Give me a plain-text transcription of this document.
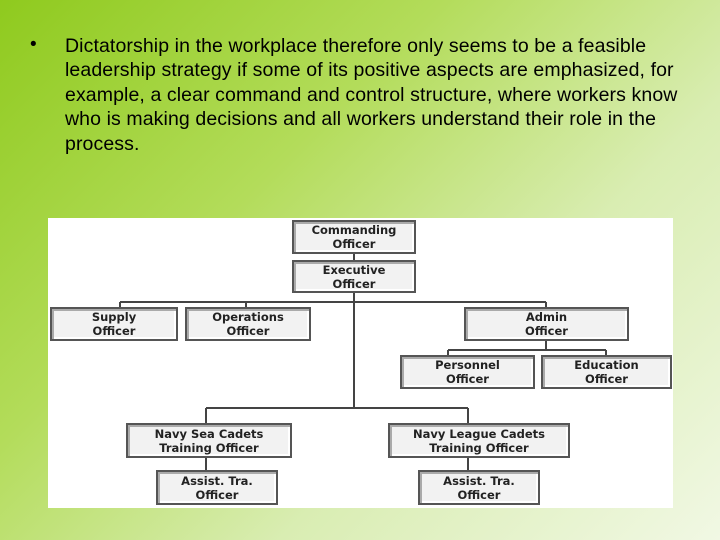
• Dictatorship in the workplace therefore only seems to be a feasible leadership strategy if some of its positive aspects are emphasized, for example, a clear command and control structure, where workers know who is making decisions and all workers understand their role in the process.
Commanding
Officer
Executive
Officer
Supply
Officer
Operations
Officer
Admin
Officer
Personnel
Officer
Education
Officer
Navy Sea Cadets
Training Officer
Navy League Cadets
Training Officer
Assist. Tra.
Officer
Assist. Tra.
Officer
